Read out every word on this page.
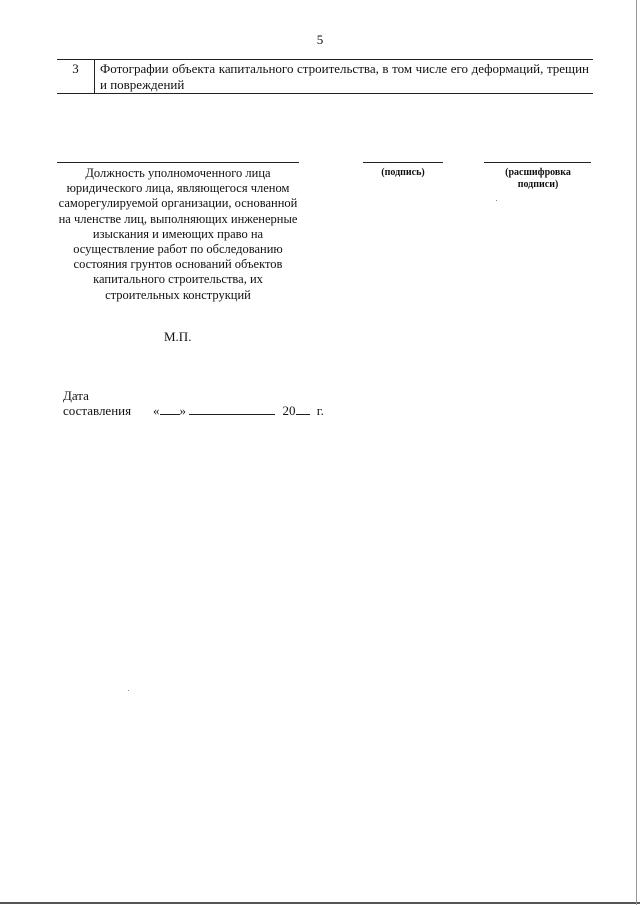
5
3	Фотографии объекта капитального строительства, в том числе его деформаций, трещин и повреждений
Должность уполномоченного лица юридического лица, являющегося членом саморегулируемой организации, основанной на членстве лиц, выполняющих инженерные изыскания и имеющих право на осуществление работ по обследованию состояния грунтов оснований объектов капитального строительства, их строительных конструкций
(подпись)	(расшифровка подписи)
М.П.
Дата
составления « »	20 г.
